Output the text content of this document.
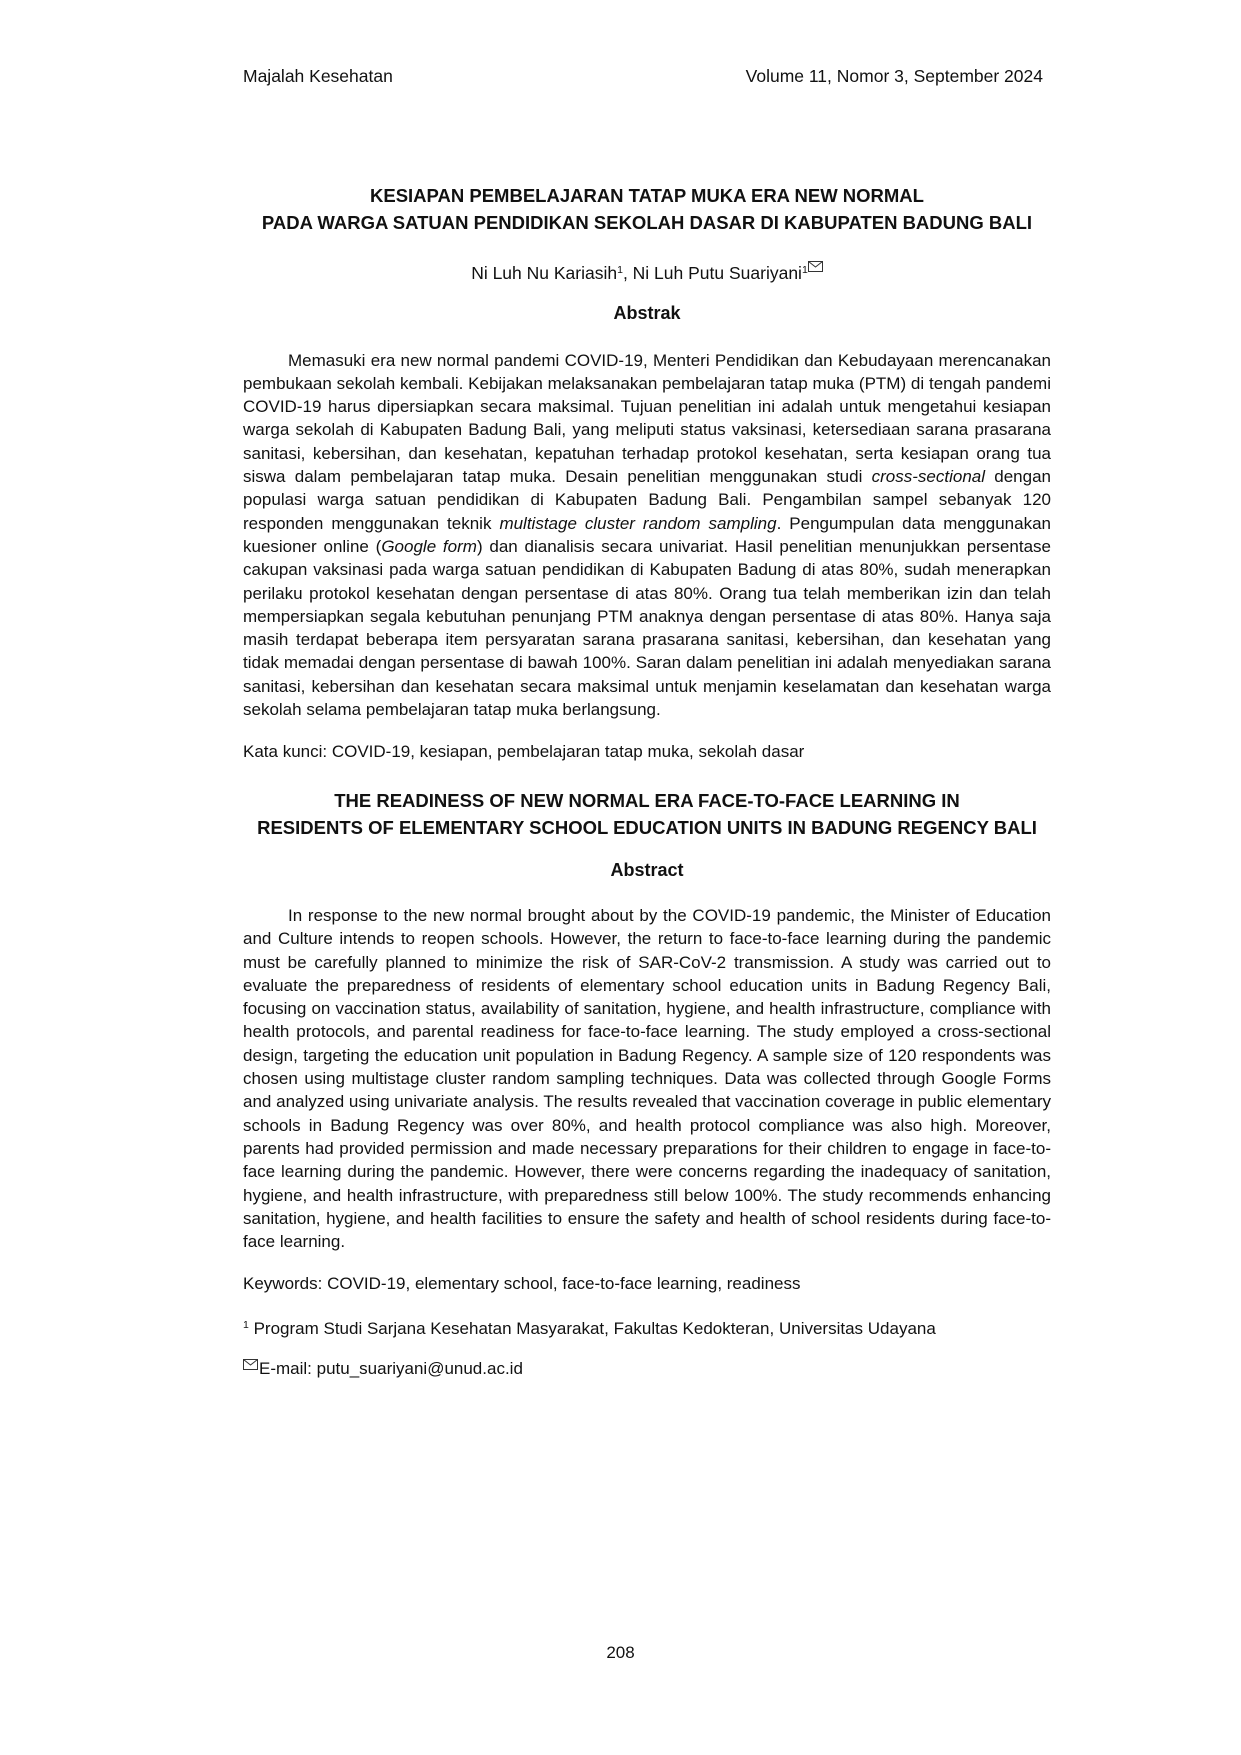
Majalah Kesehatan	Volume 11, Nomor 3, September 2024
KESIAPAN PEMBELAJARAN TATAP MUKA ERA NEW NORMAL
PADA WARGA SATUAN PENDIDIKAN SEKOLAH DASAR DI KABUPATEN BADUNG BALI
Ni Luh Nu Kariasih$^1$, Ni Luh Putu Suariyani$^1$
Abstrak

Memasuki era new normal pandemi COVID-19, Menteri Pendidikan dan Kebudayaan merencanakan pembukaan sekolah kembali. Kebijakan melaksanakan pembelajaran tatap muka (PTM) di tengah pandemi COVID-19 harus dipersiapkan secara maksimal. Tujuan penelitian ini adalah untuk mengetahui kesiapan warga sekolah di Kabupaten Badung Bali, yang meliputi status vaksinasi, ketersediaan sarana prasarana sanitasi, kebersihan, dan kesehatan, kepatuhan terhadap protokol kesehatan, serta kesiapan orang tua siswa dalam pembelajaran tatap muka. Desain penelitian menggunakan studi cross-sectional dengan populasi warga satuan pendidikan di Kabupaten Badung Bali. Pengambilan sampel sebanyak 120 responden menggunakan teknik multistage cluster random sampling. Pengumpulan data menggunakan kuesioner online (Google form) dan dianalisis secara univariat. Hasil penelitian menunjukkan persentase cakupan vaksinasi pada warga satuan pendidikan di Kabupaten Badung di atas 80%, sudah menerapkan perilaku protokol kesehatan dengan persentase di atas 80%. Orang tua telah memberikan izin dan telah mempersiapkan segala kebutuhan penunjang PTM anaknya dengan persentase di atas 80%. Hanya saja masih terdapat beberapa item persyaratan sarana prasarana sanitasi, kebersihan, dan kesehatan yang tidak memadai dengan persentase di bawah 100%. Saran dalam penelitian ini adalah menyediakan sarana sanitasi, kebersihan dan kesehatan secara maksimal untuk menjamin keselamatan dan kesehatan warga sekolah selama pembelajaran tatap muka berlangsung.

Kata kunci: COVID-19, kesiapan, pembelajaran tatap muka, sekolah dasar

THE READINESS OF NEW NORMAL ERA FACE-TO-FACE LEARNING IN
RESIDENTS OF ELEMENTARY SCHOOL EDUCATION UNITS IN BADUNG REGENCY BALI
Abstract

In response to the new normal brought about by the COVID-19 pandemic, the Minister of Education and Culture intends to reopen schools. However, the return to face-to-face learning during the pandemic must be carefully planned to minimize the risk of SAR-CoV-2 transmission. A study was carried out to evaluate the preparedness of residents of elementary school education units in Badung Regency Bali, focusing on vaccination status, availability of sanitation, hygiene, and health infrastructure, compliance with health protocols, and parental readiness for face-to-face learning. The study employed a cross-sectional design, targeting the education unit population in Badung Regency. A sample size of 120 respondents was chosen using multistage cluster random sampling techniques. Data was collected through Google Forms and analyzed using univariate analysis. The results revealed that vaccination coverage in public elementary schools in Badung Regency was over 80%, and health protocol compliance was also high. Moreover, parents had provided permission and made necessary preparations for their children to engage in face-to-face learning during the pandemic. However, there were concerns regarding the inadequacy of sanitation, hygiene, and health infrastructure, with preparedness still below 100%. The study recommends enhancing sanitation, hygiene, and health facilities to ensure the safety and health of school residents during face-to-face learning.

Keywords: COVID-19, elementary school, face-to-face learning, readiness

$^1$ Program Studi Sarjana Kesehatan Masyarakat, Fakultas Kedokteran, Universitas Udayana

E-mail: putu_suariyani@unud.ac.id

208
